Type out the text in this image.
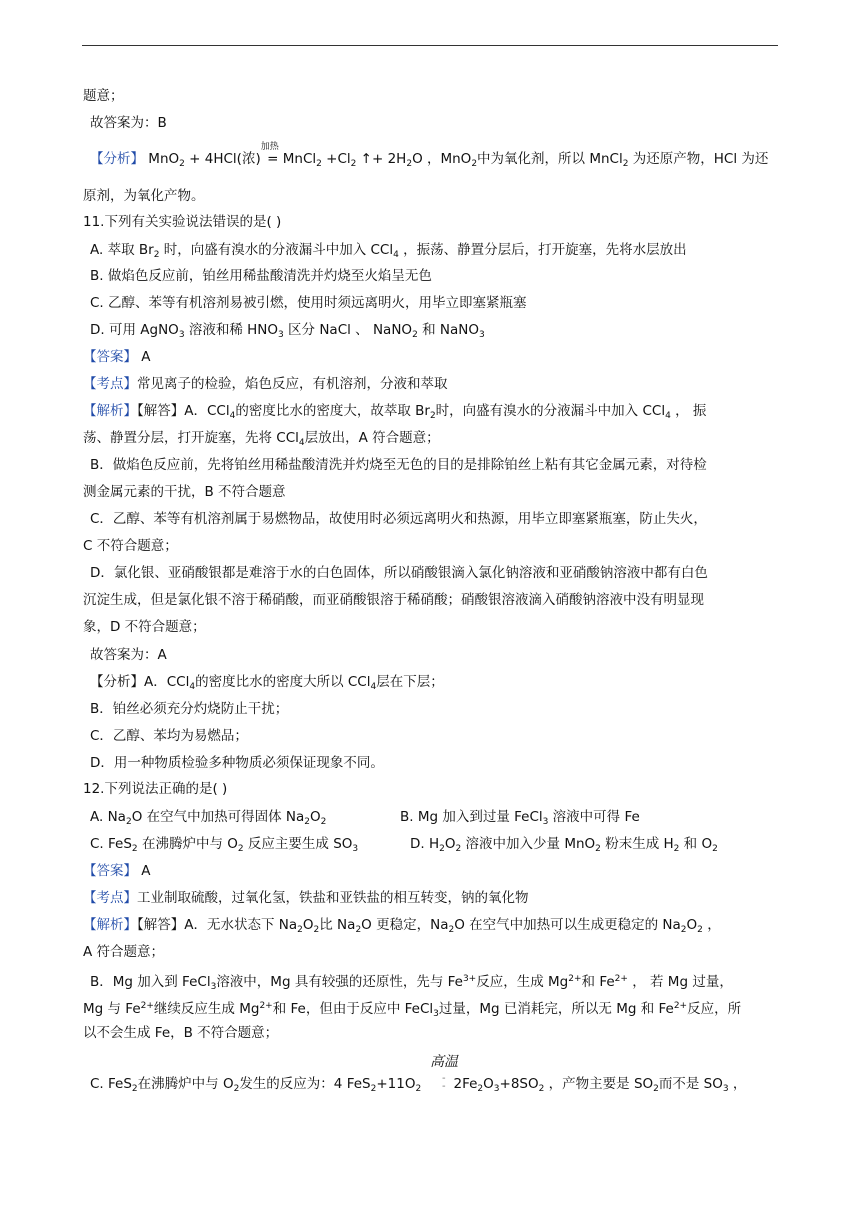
题意；
故答案为：B
【分析】 MnO$_2$ + 4HCl(浓)
加热
= MnCl$_2$ $+Cl_2$ ↑+ $2H_2O$ ，MnO$_2$中为氧化剂，所以 MnCl$_2$ 为还原产物，HCl 为还
原剂，为氧化产物。
11.下列有关实验说法错误的是( )
A. 萃取 $Br_2$ 时，向盛有溴水的分液漏斗中加入 CCl$_4$ ，振荡、静置分层后，打开旋塞，先将水层放出
B. 做焰色反应前，铂丝用稀盐酸清洗并灼烧至火焰呈无色
C. 乙醇、苯等有机溶剂易被引燃，使用时须远离明火，用毕立即塞紧瓶塞
D. 可用 AgNO$_3$ 溶液和稀 $HNO_3$ 区分 NaCl 、 NaNO$_2$ 和 NaNO$_3$
【答案】 A
【考点】常见离子的检验，焰色反应，有机溶剂，分液和萃取
【解析】【解答】A．CCl$_4$的密度比水的密度大，故萃取 $Br_2$时，向盛有溴水的分液漏斗中加入 CCl$_4$ ， 振
荡、静置分层，打开旋塞，先将 CCl$_4$层放出，A 符合题意；
B．做焰色反应前，先将铂丝用稀盐酸清洗并灼烧至无色的目的是排除铂丝上粘有其它金属元素，对待检
测金属元素的干扰，B 不符合题意
C．乙醇、苯等有机溶剂属于易燃物品，故使用时必须远离明火和热源，用毕立即塞紧瓶塞，防止失火，
C 不符合题意；
D．氯化银、亚硝酸银都是难溶于水的白色固体，所以硝酸银滴入氯化钠溶液和亚硝酸钠溶液中都有白色
沉淀生成，但是氯化银不溶于稀硝酸，而亚硝酸银溶于稀硝酸；硝酸银溶液滴入硝酸钠溶液中没有明显现
象，D 不符合题意；
故答案为：A
【分析】A．CCl$_4$的密度比水的密度大所以 CCl$_4$层在下层；
B．铂丝必须充分灼烧防止干扰；
C．乙醇、苯均为易燃品；
D．用一种物质检验多种物质必须保证现象不同。
12.下列说法正确的是( )
A. $Na_2O$ 在空气中加热可得固体 $Na_2O_2$	B. Mg 加入到过量 FeCl$_3$ 溶液中可得 Fe
C. FeS$_2$ 在沸腾炉中与 $O_2$ 反应主要生成 $SO_3$	D. $H_2O_2$ 溶液中加入少量 MnO$_2$ 粉末生成 $H_2$ 和 $O_2$
【答案】 A
【考点】工业制取硫酸，过氧化氢，铁盐和亚铁盐的相互转变，钠的氧化物
【解析】【解答】A．无水状态下 $Na_2O_2$比 $Na_2O$ 更稳定，$Na_2O$ 在空气中加热可以生成更稳定的 $Na_2O_2$ ，
A 符合题意；
B．Mg 加入到 FeCl$_3$溶液中，Mg 具有较强的还原性，先与 $Fe^{3+}$反应，生成 $Mg^{2+}$和 $Fe^{2+}$ ， 若 Mg 过量，
Mg 与 $Fe^{2+}$继续反应生成 $Mg^{2+}$和 Fe，但由于反应中 FeCl$_3$过量，Mg 已消耗完，所以无 Mg 和 $Fe^{2+}$反应，所
以不会生成 Fe，B 不符合题意；
高温
-
-
C. FeS$_2$在沸腾炉中与 $O_2$发生的反应为：4 $FeS_2+11O_2$ $2Fe_2O_3+8SO_2$ ，产物主要是 $SO_2$而不是 $SO_3$ ，
